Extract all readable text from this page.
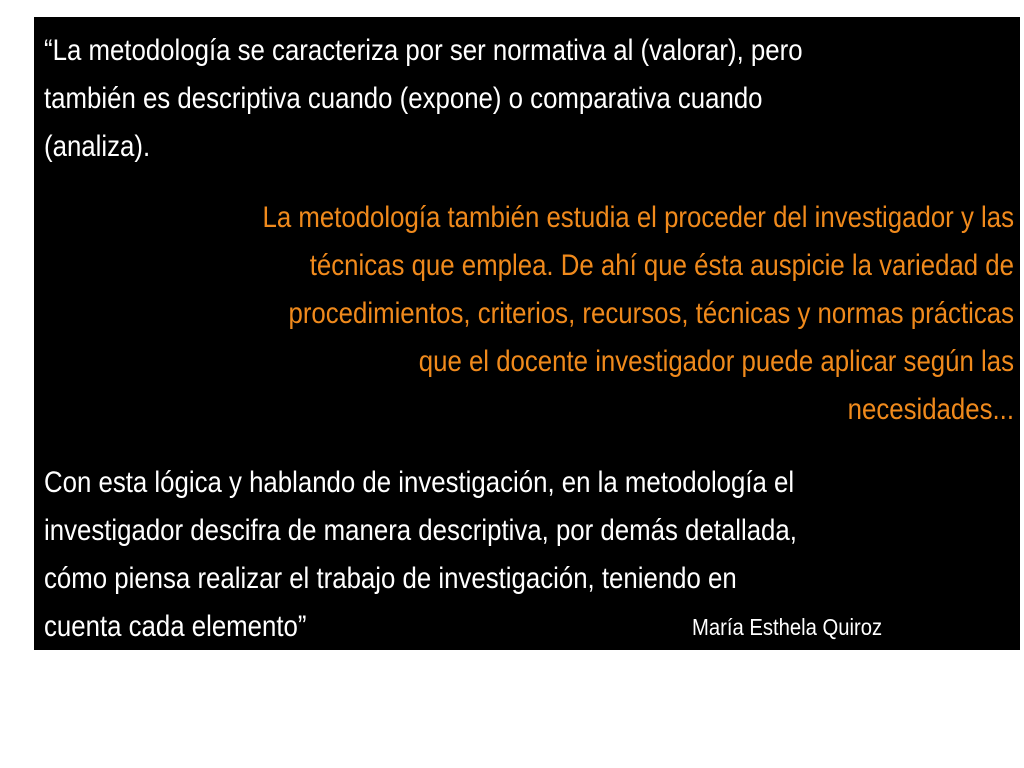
“La metodología se caracteriza por ser normativa al (valorar), pero
también es descriptiva cuando (expone) o comparativa cuando
(analiza).

La metodología también estudia el proceder del investigador y las
técnicas que emplea. De ahí que ésta auspicie la variedad de
procedimientos, criterios, recursos, técnicas y normas prácticas
que el docente investigador puede aplicar según las
necesidades...

Con esta lógica y hablando de investigación, en la metodología el
investigador descifra de manera descriptiva, por demás detallada,
cómo piensa realizar el trabajo de investigación, teniendo en
cuenta cada elemento”	María Esthela Quiroz
